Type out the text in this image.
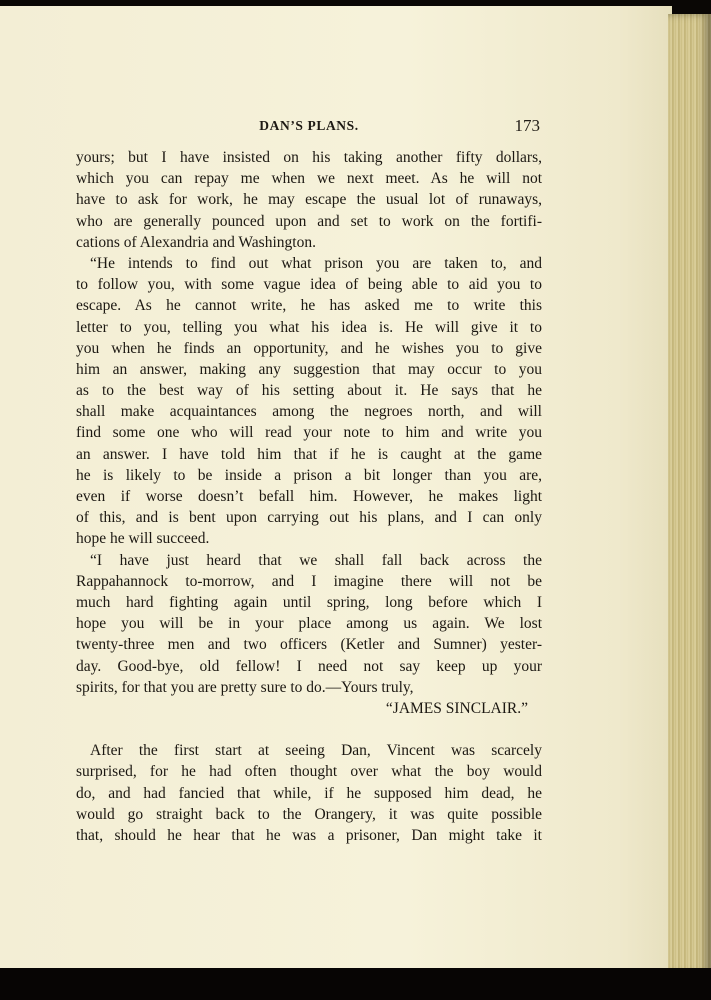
DAN’S PLANS.	173
yours; but I have insisted on his taking another fifty dollars,
which you can repay me when we next meet. As he will not
have to ask for work, he may escape the usual lot of runaways,
who are generally pounced upon and set to work on the fortifi-
cations of Alexandria and Washington.
“He intends to find out what prison you are taken to, and
to follow you, with some vague idea of being able to aid you to
escape. As he cannot write, he has asked me to write this
letter to you, telling you what his idea is. He will give it to
you when he finds an opportunity, and he wishes you to give
him an answer, making any suggestion that may occur to you
as to the best way of his setting about it. He says that he
shall make acquaintances among the negroes north, and will
find some one who will read your note to him and write you
an answer. I have told him that if he is caught at the game
he is likely to be inside a prison a bit longer than you are,
even if worse doesn’t befall him. However, he makes light
of this, and is bent upon carrying out his plans, and I can only
hope he will succeed.
“I have just heard that we shall fall back across the
Rappahannock to-morrow, and I imagine there will not be
much hard fighting again until spring, long before which I
hope you will be in your place among us again. We lost
twenty-three men and two officers (Ketler and Sumner) yester-
day. Good-bye, old fellow! I need not say keep up your
spirits, for that you are pretty sure to do.—Yours truly,
“JAMES SINCLAIR.”
After the first start at seeing Dan, Vincent was scarcely
surprised, for he had often thought over what the boy would
do, and had fancied that while, if he supposed him dead, he
would go straight back to the Orangery, it was quite possible
that, should he hear that he was a prisoner, Dan might take it
